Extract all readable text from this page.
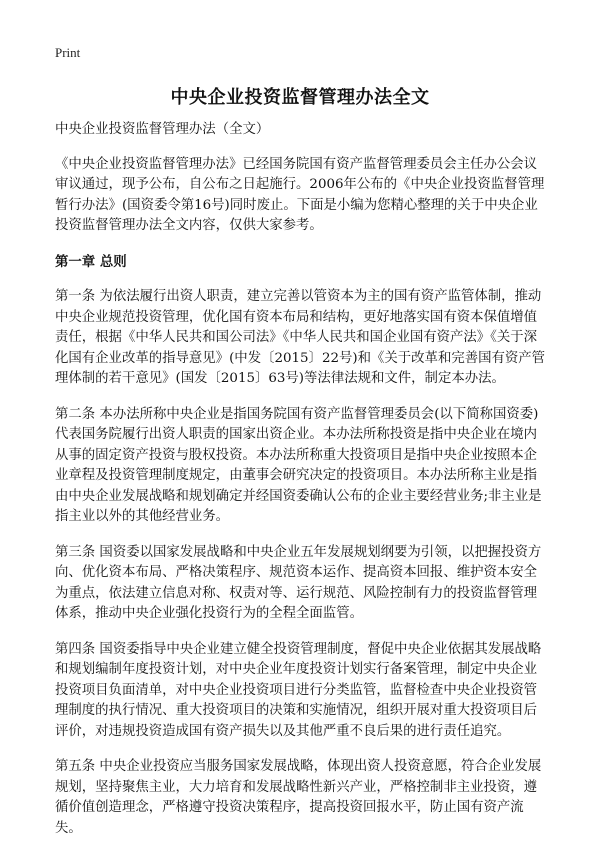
Print
中央企业投资监督管理办法全文

中央企业投资监督管理办法（全文）

《中央企业投资监督管理办法》已经国务院国有资产监督管理委员会主任办公会议审议通过，现予公布，自公布之日起施行。2006年公布的《中央企业投资监督管理暂行办法》(国资委令第16号)同时废止。下面是小编为您精心整理的关于中央企业投资监督管理办法全文内容，仅供大家参考。

第一章 总则

第一条 为依法履行出资人职责，建立完善以管资本为主的国有资产监管体制，推动中央企业规范投资管理，优化国有资本布局和结构，更好地落实国有资本保值增值责任，根据《中华人民共和国公司法》《中华人民共和国企业国有资产法》《关于深化国有企业改革的指导意见》(中发〔2015〕22号)和《关于改革和完善国有资产管理体制的若干意见》(国发〔2015〕63号)等法律法规和文件，制定本办法。

第二条 本办法所称中央企业是指国务院国有资产监督管理委员会(以下简称国资委)代表国务院履行出资人职责的国家出资企业。本办法所称投资是指中央企业在境内从事的固定资产投资与股权投资。本办法所称重大投资项目是指中央企业按照本企业章程及投资管理制度规定，由董事会研究决定的投资项目。本办法所称主业是指由中央企业发展战略和规划确定并经国资委确认公布的企业主要经营业务;非主业是指主业以外的其他经营业务。

第三条 国资委以国家发展战略和中央企业五年发展规划纲要为引领，以把握投资方向、优化资本布局、严格决策程序、规范资本运作、提高资本回报、维护资本安全为重点，依法建立信息对称、权责对等、运行规范、风险控制有力的投资监督管理体系，推动中央企业强化投资行为的全程全面监管。

第四条 国资委指导中央企业建立健全投资管理制度，督促中央企业依据其发展战略和规划编制年度投资计划，对中央企业年度投资计划实行备案管理，制定中央企业投资项目负面清单，对中央企业投资项目进行分类监管，监督检查中央企业投资管理制度的执行情况、重大投资项目的决策和实施情况，组织开展对重大投资项目后评价，对违规投资造成国有资产损失以及其他严重不良后果的进行责任追究。

第五条 中央企业投资应当服务国家发展战略，体现出资人投资意愿，符合企业发展规划，坚持聚焦主业，大力培育和发展战略性新兴产业，严格控制非主业投资，遵循价值创造理念，严格遵守投资决策程序，提高投资回报水平，防止国有资产流失。
